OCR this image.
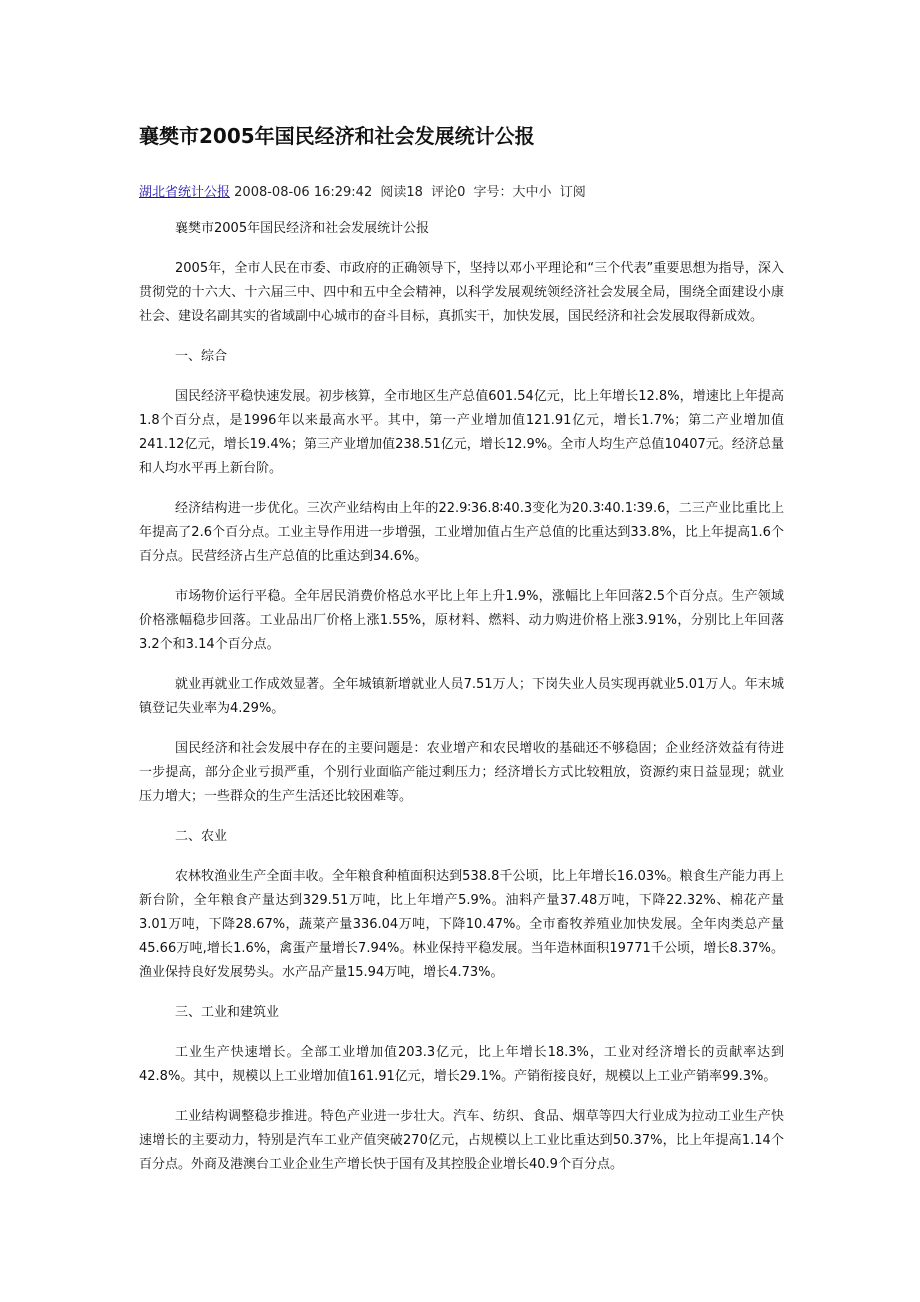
襄樊市2005年国民经济和社会发展统计公报
湖北省统计公报 2008-08-06 16:29:42 阅读18 评论0 字号：大中小 订阅

襄樊市2005年国民经济和社会发展统计公报

2005年，全市人民在市委、市政府的正确领导下，坚持以邓小平理论和“三个代表”重要思想为指导，深入贯彻党的十六大、十六届三中、四中和五中全会精神，以科学发展观统领经济社会发展全局，围绕全面建设小康社会、建设名副其实的省域副中心城市的奋斗目标，真抓实干，加快发展，国民经济和社会发展取得新成效。

一、综合

国民经济平稳快速发展。初步核算，全市地区生产总值601.54亿元，比上年增长12.8%，增速比上年提高1.8个百分点，是1996年以来最高水平。其中，第一产业增加值121.91亿元，增长1.7%；第二产业增加值241.12亿元，增长19.4%；第三产业增加值238.51亿元，增长12.9%。全市人均生产总值10407元。经济总量和人均水平再上新台阶。

经济结构进一步优化。三次产业结构由上年的22.9∶36.8∶40.3变化为20.3∶40.1∶39.6，二三产业比重比上年提高了2.6个百分点。工业主导作用进一步增强，工业增加值占生产总值的比重达到33.8%，比上年提高1.6个百分点。民营经济占生产总值的比重达到34.6%。

市场物价运行平稳。全年居民消费价格总水平比上年上升1.9%，涨幅比上年回落2.5个百分点。生产领域价格涨幅稳步回落。工业品出厂价格上涨1.55%，原材料、燃料、动力购进价格上涨3.91%，分别比上年回落3.2个和3.14个百分点。

就业再就业工作成效显著。全年城镇新增就业人员7.51万人；下岗失业人员实现再就业5.01万人。年末城镇登记失业率为4.29%。

国民经济和社会发展中存在的主要问题是：农业增产和农民增收的基础还不够稳固；企业经济效益有待进一步提高，部分企业亏损严重，个别行业面临产能过剩压力；经济增长方式比较粗放，资源约束日益显现；就业压力增大；一些群众的生产生活还比较困难等。

二、农业

农林牧渔业生产全面丰收。全年粮食种植面积达到538.8千公顷，比上年增长16.03%。粮食生产能力再上新台阶，全年粮食产量达到329.51万吨，比上年增产5.9%。油料产量37.48万吨，下降22.32%、棉花产量3.01万吨，下降28.67%，蔬菜产量336.04万吨，下降10.47%。全市畜牧养殖业加快发展。全年肉类总产量45.66万吨,增长1.6%，禽蛋产量增长7.94%。林业保持平稳发展。当年造林面积19771千公顷，增长8.37%。渔业保持良好发展势头。水产品产量15.94万吨，增长4.73%。

三、工业和建筑业

工业生产快速增长。全部工业增加值203.3亿元，比上年增长18.3%，工业对经济增长的贡献率达到42.8%。其中，规模以上工业增加值161.91亿元，增长29.1%。产销衔接良好，规模以上工业产销率99.3%。

工业结构调整稳步推进。特色产业进一步壮大。汽车、纺织、食品、烟草等四大行业成为拉动工业生产快速增长的主要动力，特别是汽车工业产值突破270亿元，占规模以上工业比重达到50.37%，比上年提高1.14个百分点。外商及港澳台工业企业生产增长快于国有及其控股企业增长40.9个百分点。
